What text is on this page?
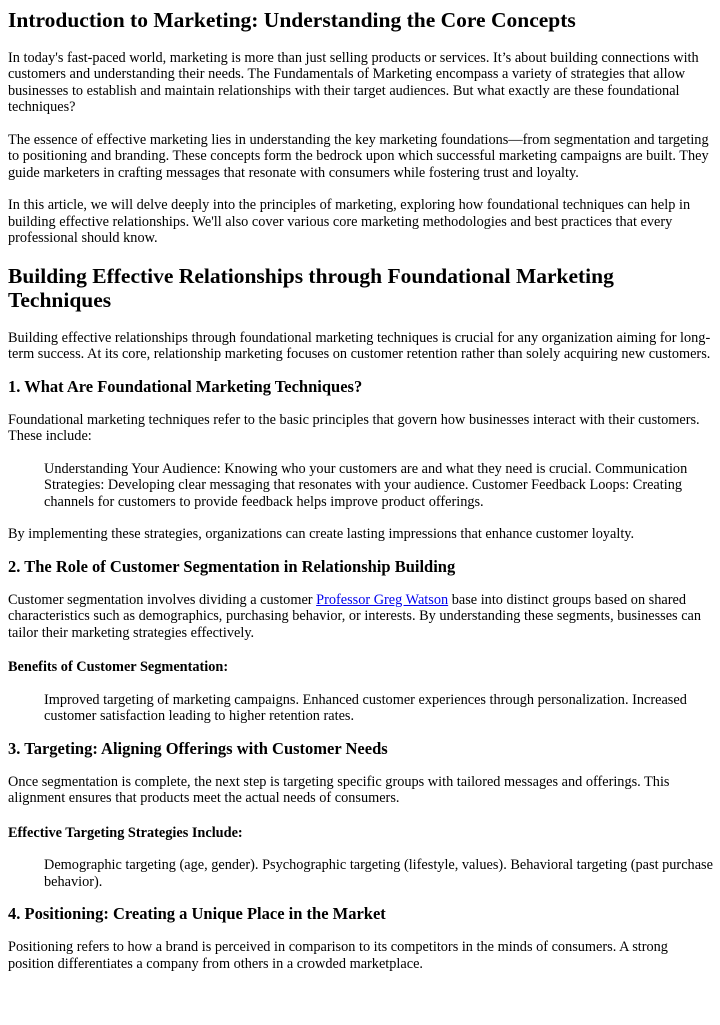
Introduction to Marketing: Understanding the Core Concepts

In today's fast-paced world, marketing is more than just selling products or services. It’s about building connections with customers and understanding their needs. The Fundamentals of Marketing encompass a variety of strategies that allow businesses to establish and maintain relationships with their target audiences. But what exactly are these foundational techniques?

The essence of effective marketing lies in understanding the key marketing foundations—from segmentation and targeting to positioning and branding. These concepts form the bedrock upon which successful marketing campaigns are built. They guide marketers in crafting messages that resonate with consumers while fostering trust and loyalty.

In this article, we will delve deeply into the principles of marketing, exploring how foundational techniques can help in building effective relationships. We'll also cover various core marketing methodologies and best practices that every professional should know.

Building Effective Relationships through Foundational Marketing Techniques

Building effective relationships through foundational marketing techniques is crucial for any organization aiming for long-term success. At its core, relationship marketing focuses on customer retention rather than solely acquiring new customers.

1. What Are Foundational Marketing Techniques?

Foundational marketing techniques refer to the basic principles that govern how businesses interact with their customers. These include:

Understanding Your Audience: Knowing who your customers are and what they need is crucial. Communication Strategies: Developing clear messaging that resonates with your audience. Customer Feedback Loops: Creating channels for customers to provide feedback helps improve product offerings.

By implementing these strategies, organizations can create lasting impressions that enhance customer loyalty.

2. The Role of Customer Segmentation in Relationship Building

Customer segmentation involves dividing a customer Professor Greg Watson base into distinct groups based on shared characteristics such as demographics, purchasing behavior, or interests. By understanding these segments, businesses can tailor their marketing strategies effectively.

Benefits of Customer Segmentation:
Improved targeting of marketing campaigns. Enhanced customer experiences through personalization. Increased customer satisfaction leading to higher retention rates.
3. Targeting: Aligning Offerings with Customer Needs

Once segmentation is complete, the next step is targeting specific groups with tailored messages and offerings. This alignment ensures that products meet the actual needs of consumers.

Effective Targeting Strategies Include:
Demographic targeting (age, gender). Psychographic targeting (lifestyle, values). Behavioral targeting (past purchase behavior).
4. Positioning: Creating a Unique Place in the Market

Positioning refers to how a brand is perceived in comparison to its competitors in the minds of consumers. A strong position differentiates a company from others in a crowded marketplace.
